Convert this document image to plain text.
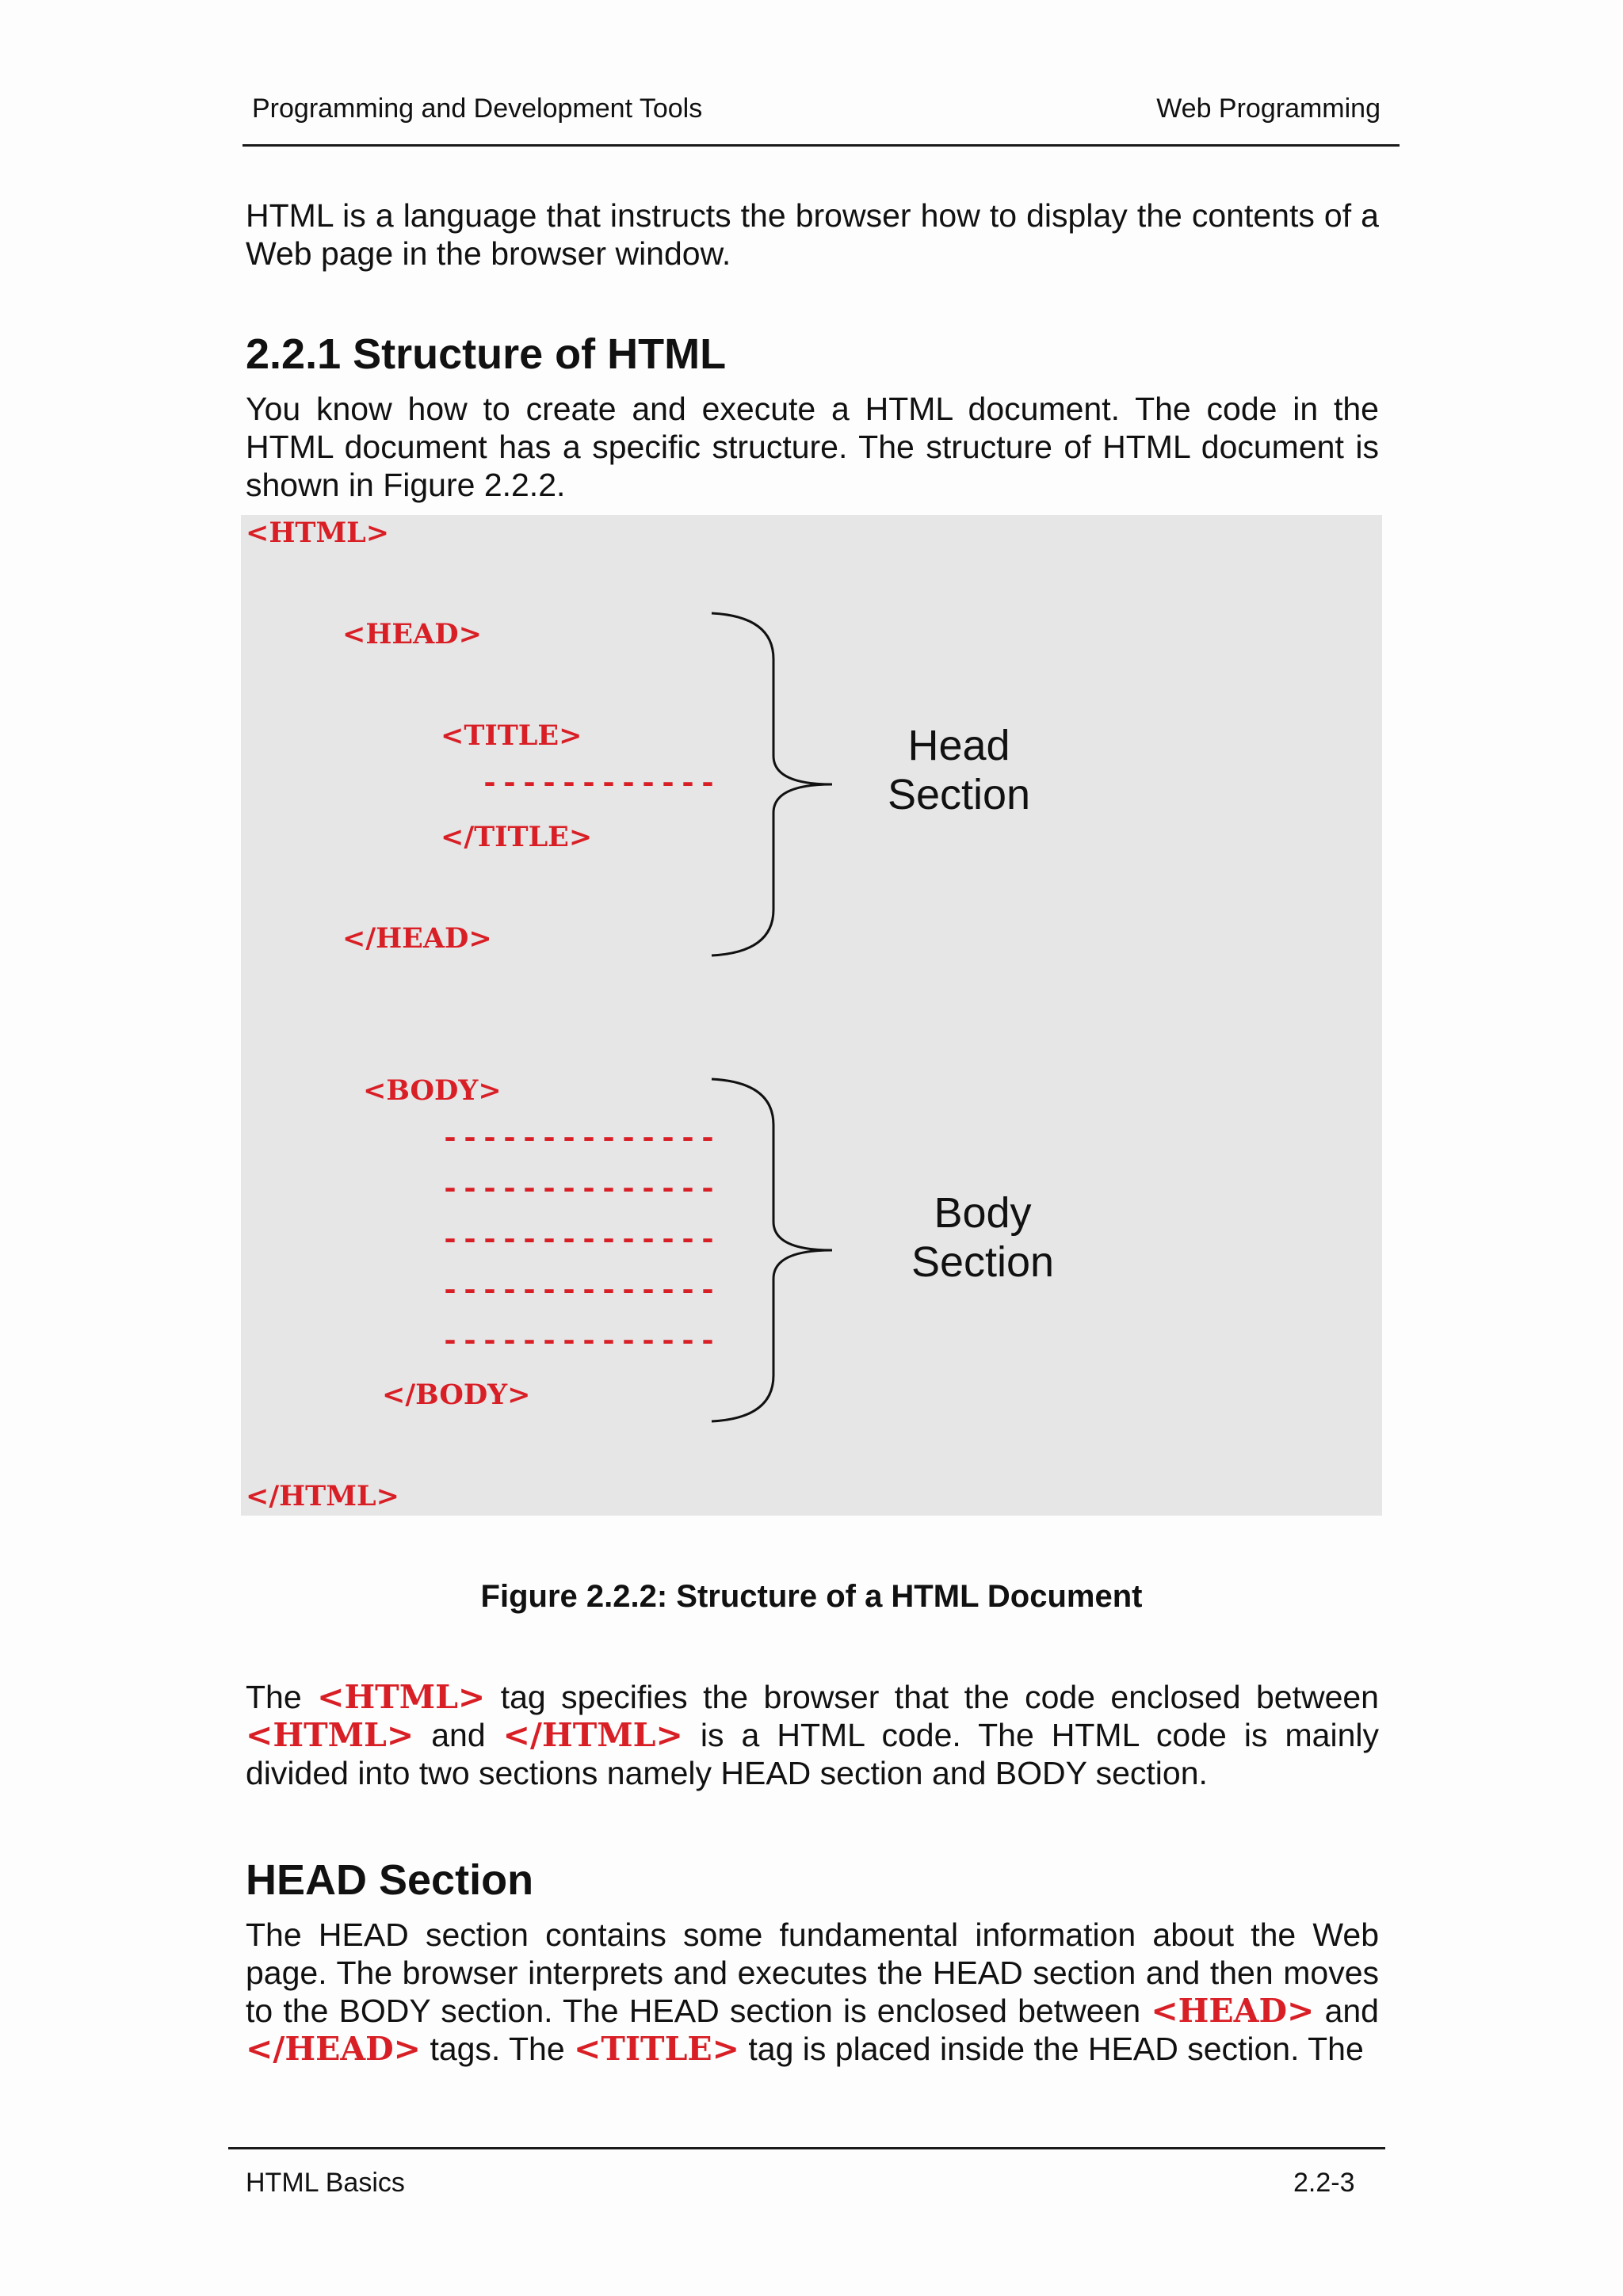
Programming and Development Tools	Web Programming
HTML is a language that instructs the browser how to display the contents of a Web page in the browser window.
2.2.1 Structure of HTML
You know how to create and execute a HTML document. The code in the HTML document has a specific structure. The structure of HTML document is shown in Figure 2.2.2.
<HTML>
<HEAD>
<TITLE>
------------
</TITLE>
</HEAD>
<BODY>
--------------
--------------
--------------
--------------
--------------
</BODY>
</HTML>
Head
Section
Body
Section
Figure 2.2.2: Structure of a HTML Document
The <HTML> tag specifies the browser that the code enclosed between <HTML> and </HTML> is a HTML code. The HTML code is mainly divided into two sections namely HEAD section and BODY section.
HEAD Section
The HEAD section contains some fundamental information about the Web page. The browser interprets and executes the HEAD section and then moves to the BODY section. The HEAD section is enclosed between <HEAD> and </HEAD> tags. The <TITLE> tag is placed inside the HEAD section. The
HTML Basics	2.2-3
